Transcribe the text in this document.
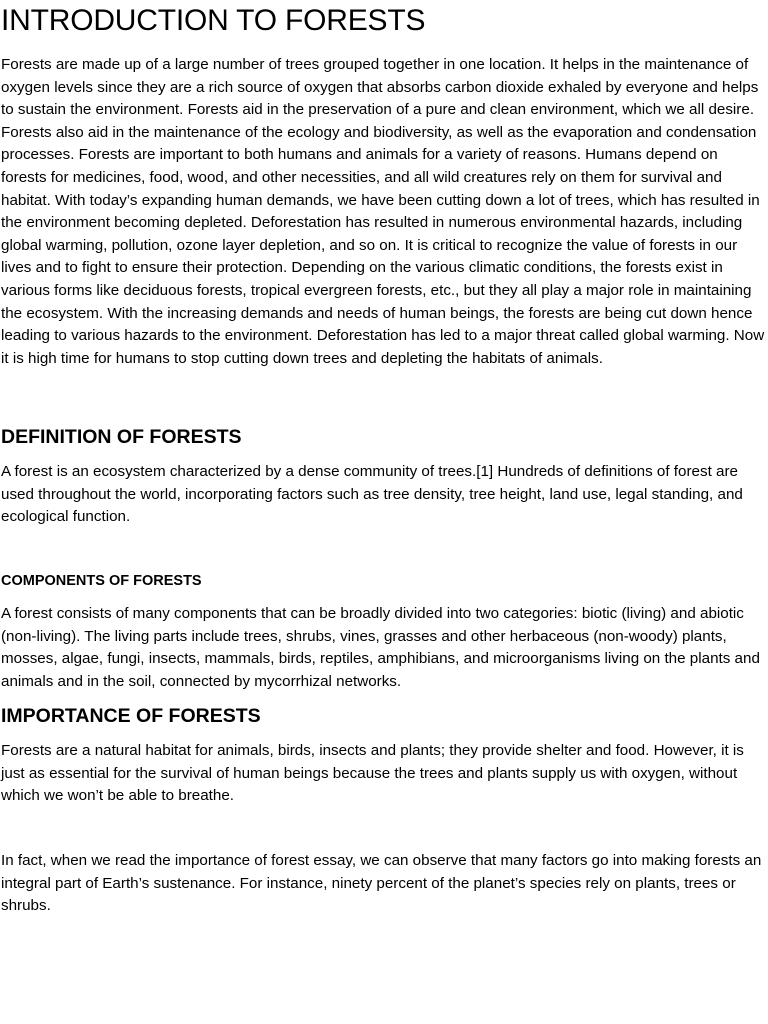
INTRODUCTION TO FORESTS

Forests are made up of a large number of trees grouped together in one location. It helps in the maintenance of oxygen levels since they are a rich source of oxygen that absorbs carbon dioxide exhaled by everyone and helps to sustain the environment. Forests aid in the preservation of a pure and clean environment, which we all desire. Forests also aid in the maintenance of the ecology and biodiversity, as well as the evaporation and condensation processes. Forests are important to both humans and animals for a variety of reasons. Humans depend on forests for medicines, food, wood, and other necessities, and all wild creatures rely on them for survival and habitat. With today’s expanding human demands, we have been cutting down a lot of trees, which has resulted in the environment becoming depleted. Deforestation has resulted in numerous environmental hazards, including global warming, pollution, ozone layer depletion, and so on. It is critical to recognize the value of forests in our lives and to fight to ensure their protection. Depending on the various climatic conditions, the forests exist in various forms like deciduous forests, tropical evergreen forests, etc., but they all play a major role in maintaining the ecosystem. With the increasing demands and needs of human beings, the forests are being cut down hence leading to various hazards to the environment. Deforestation has led to a major threat called global warming. Now it is high time for humans to stop cutting down trees and depleting the habitats of animals.

DEFINITION OF FORESTS

A forest is an ecosystem characterized by a dense community of trees.[1] Hundreds of definitions of forest are used throughout the world, incorporating factors such as tree density, tree height, land use, legal standing, and ecological function.

COMPONENTS OF FORESTS

A forest consists of many components that can be broadly divided into two categories: biotic (living) and abiotic (non-living). The living parts include trees, shrubs, vines, grasses and other herbaceous (non-woody) plants, mosses, algae, fungi, insects, mammals, birds, reptiles, amphibians, and microorganisms living on the plants and animals and in the soil, connected by mycorrhizal networks.

IMPORTANCE OF FORESTS

Forests are a natural habitat for animals, birds, insects and plants; they provide shelter and food. However, it is just as essential for the survival of human beings because the trees and plants supply us with oxygen, without which we won’t be able to breathe.

In fact, when we read the importance of forest essay, we can observe that many factors go into making forests an integral part of Earth’s sustenance. For instance, ninety percent of the planet’s species rely on plants, trees or shrubs.
